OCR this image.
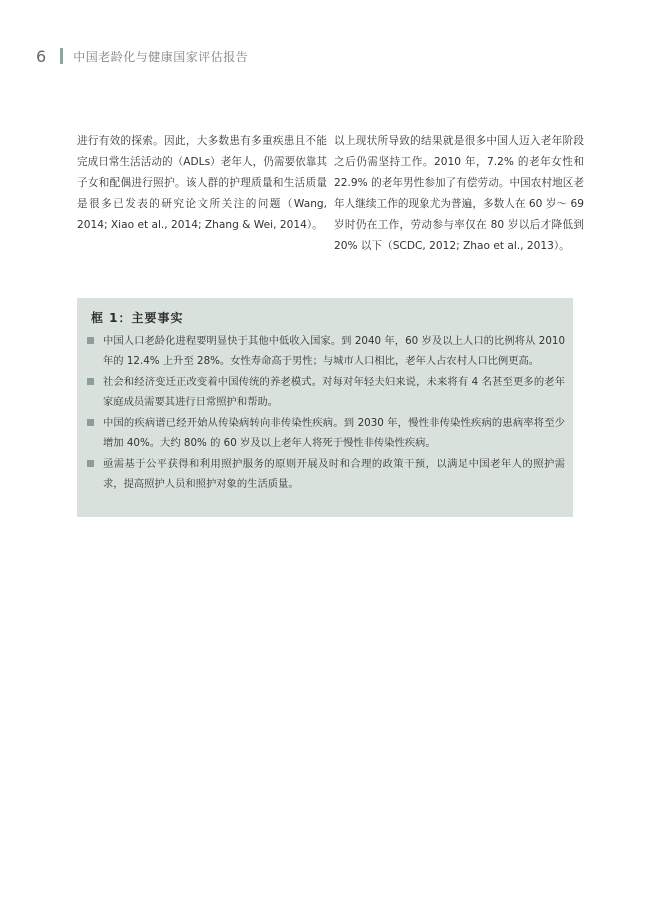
6 中国老龄化与健康国家评估报告

进行有效的探索。因此，大多数患有多重疾患且不能完成日常生活活动的（ADLs）老年人，仍需要依靠其子女和配偶进行照护。该人群的护理质量和生活质量是很多已发表的研究论文所关注的问题（Wang, 2014; Xiao et al., 2014; Zhang & Wei, 2014）。

以上现状所导致的结果就是很多中国人迈入老年阶段之后仍需坚持工作。2010 年，7.2% 的老年女性和 22.9% 的老年男性参加了有偿劳动。中国农村地区老年人继续工作的现象尤为普遍，多数人在 60 岁～ 69 岁时仍在工作，劳动参与率仅在 80 岁以后才降低到 20% 以下（SCDC, 2012; Zhao et al., 2013）。

框 1：主要事实
中国人口老龄化进程要明显快于其他中低收入国家。到 2040 年，60 岁及以上人口的比例将从 2010 年的 12.4% 上升至 28%。女性寿命高于男性；与城市人口相比，老年人占农村人口比例更高。
社会和经济变迁正改变着中国传统的养老模式。对每对年轻夫妇来说，未来将有 4 名甚至更多的老年家庭成员需要其进行日常照护和帮助。
中国的疾病谱已经开始从传染病转向非传染性疾病。到 2030 年，慢性非传染性疾病的患病率将至少增加 40%。大约 80% 的 60 岁及以上老年人将死于慢性非传染性疾病。
亟需基于公平获得和利用照护服务的原则开展及时和合理的政策干预，以满足中国老年人的照护需求，提高照护人员和照护对象的生活质量。
